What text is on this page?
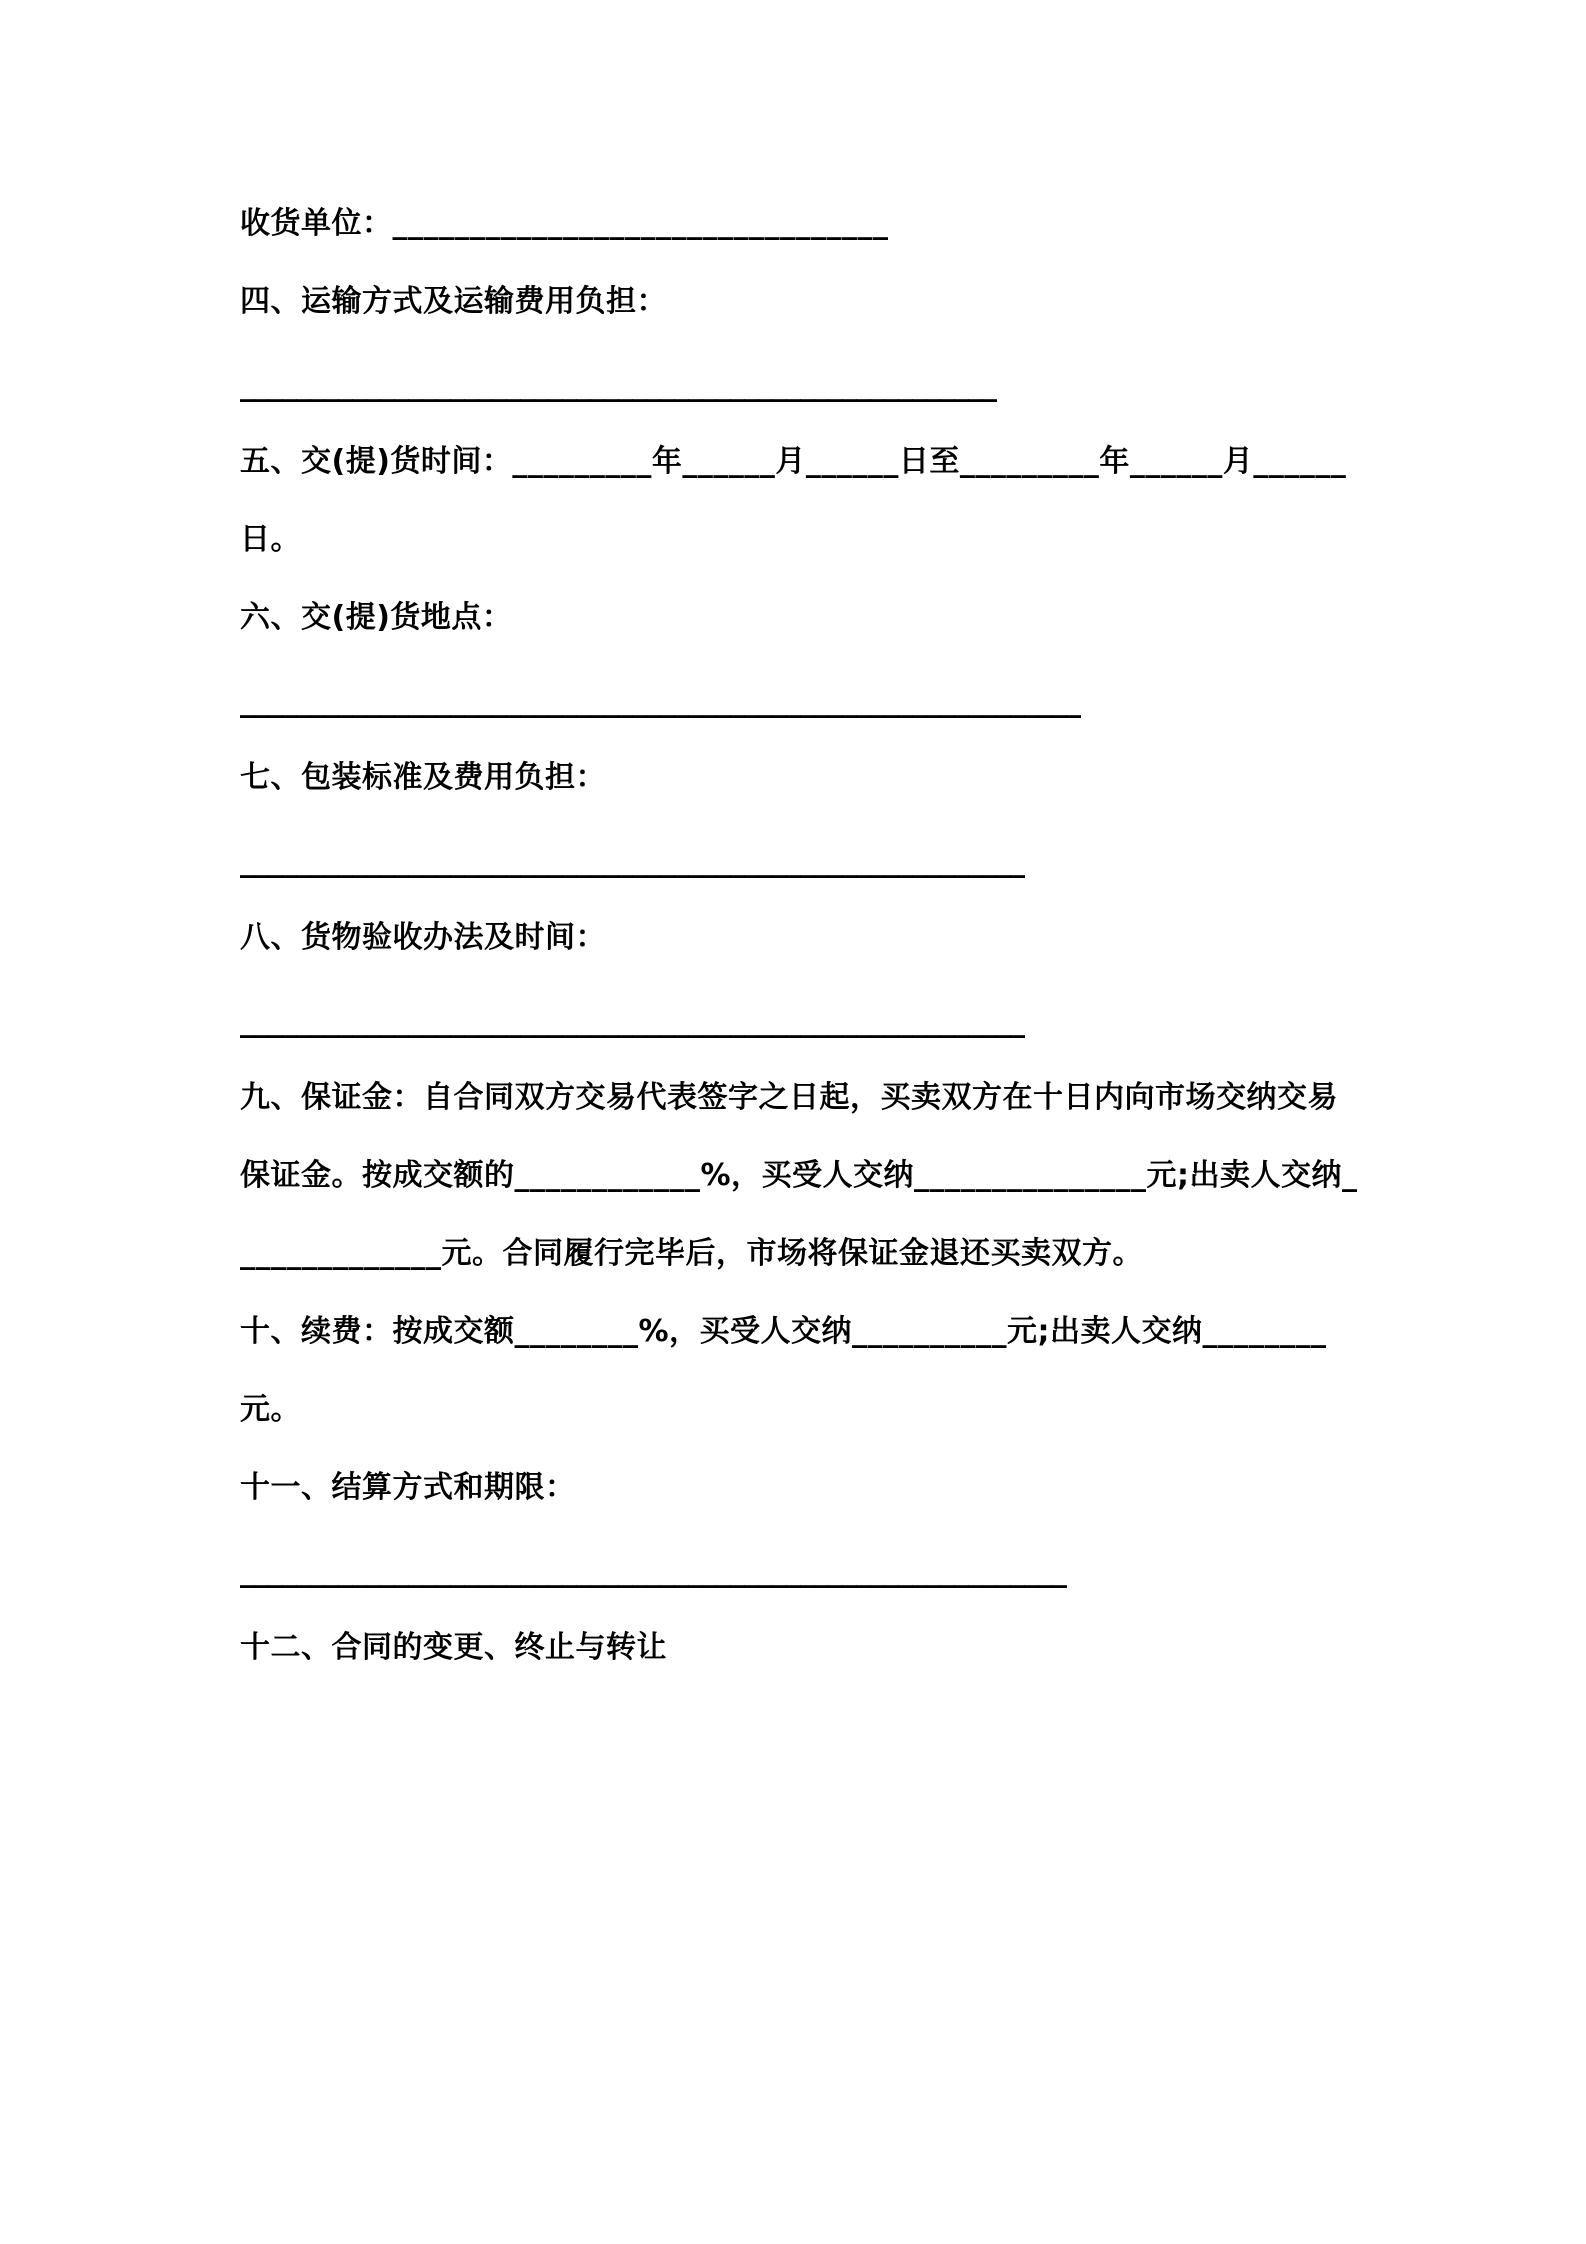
收货单位：________________________________

四、运输方式及运输费用负担：

______________________________________________________

五、交(提)货时间：_________年______月______日至_________年______月______日。

六、交(提)货地点：

____________________________________________________________

七、包装标准及费用负担：

________________________________________________________

八、货物验收办法及时间：

________________________________________________________

九、保证金：自合同双方交易代表签字之日起，买卖双方在十日内向市场交纳交易保证金。按成交额的____________%，买受人交纳_______________元;出卖人交纳______________元。合同履行完毕后，市场将保证金退还买卖双方。

十、续费：按成交额________%，买受人交纳__________元;出卖人交纳________元。

十一、结算方式和期限：

___________________________________________________________

十二、合同的变更、终止与转让
